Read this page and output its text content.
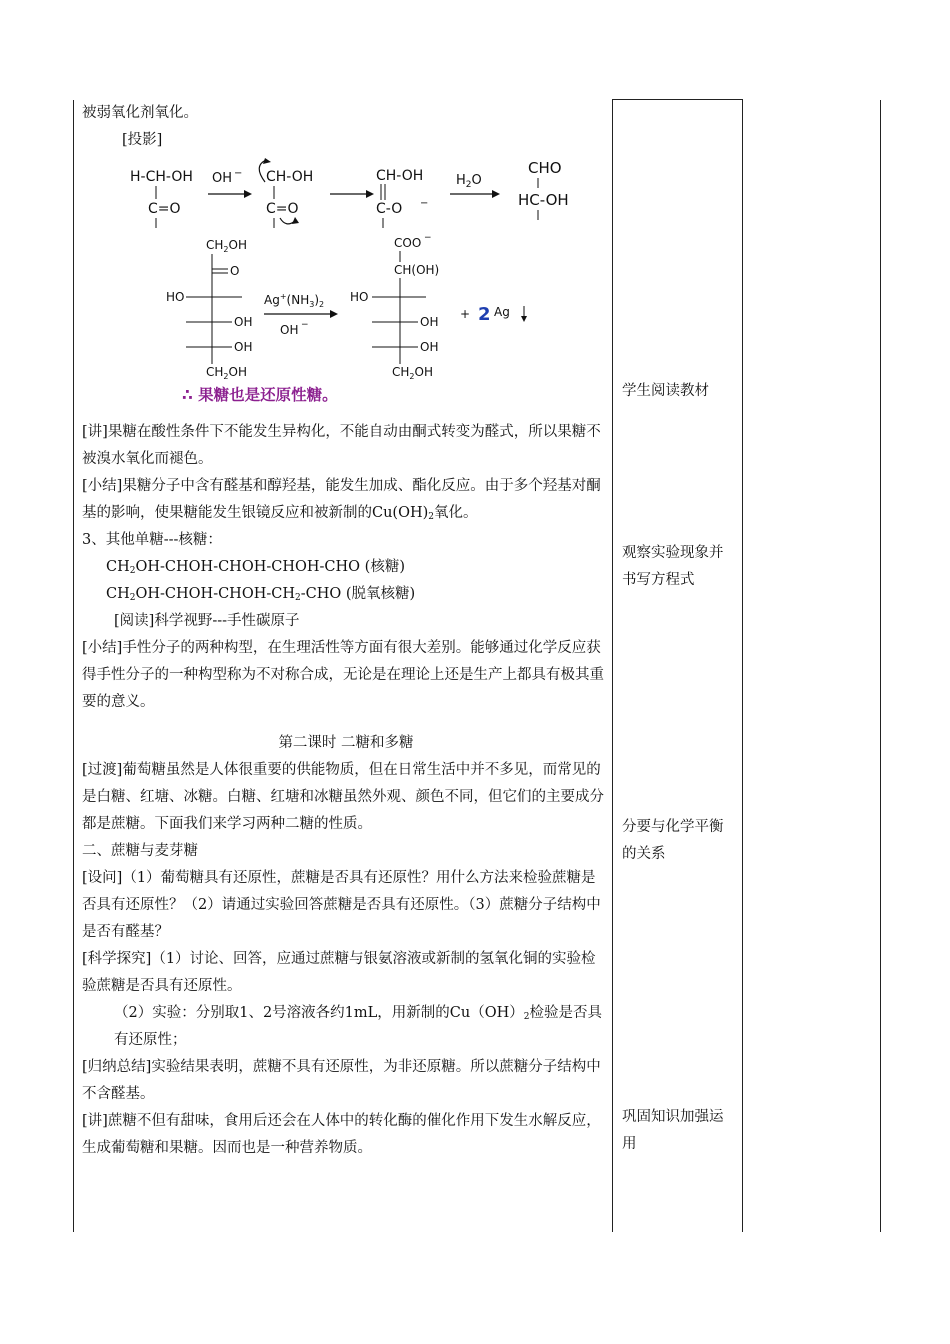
被弱氧化剂氧化。

[投影]

H-CH-OH
C=O
OH − CH-OH
C=O
CH-OH
C-O −
$H_2O$
CHO
HC-OH
$CH_2OH$
O
HO
OH
OH
$CH_2OH$
$Ag^+(NH_3)_2$
OH −
COO −
CH(OH)
HO
OH
OH
$CH_2OH$
+ 2 Ag

∴ 果糖也是还原性糖。

[讲]果糖在酸性条件下不能发生异构化，不能自动由酮式转变为醛式，所以果糖不被溴水氧化而褪色。

[小结]果糖分子中含有醛基和醇羟基，能发生加成、酯化反应。由于多个羟基对酮基的影响，使果糖能发生银镜反应和被新制的$Cu(OH)_2$氧化。

3、其他单糖---核糖：

$CH_2OH-CHOH-CHOH-CHOH$-CHO (核糖)

$CH_2OH-CHOH-CHOH-CH_2$-CHO (脱氧核糖)

[阅读]科学视野---手性碳原子

[小结]手性分子的两种构型，在生理活性等方面有很大差别。能够通过化学反应获得手性分子的一种构型称为不对称合成，无论是在理论上还是生产上都具有极其重要的意义。

第二课时 二糖和多糖

[过渡]葡萄糖虽然是人体很重要的供能物质，但在日常生活中并不多见，而常见的是白糖、红塘、冰糖。白糖、红塘和冰糖虽然外观、颜色不同，但它们的主要成分都是蔗糖。下面我们来学习两种二糖的性质。

二、蔗糖与麦芽糖

[设问]（1）葡萄糖具有还原性，蔗糖是否具有还原性？用什么方法来检验蔗糖是否具有还原性？（2）请通过实验回答蔗糖是否具有还原性。（3）蔗糖分子结构中是否有醛基？

[科学探究]（1）讨论、回答，应通过蔗糖与银氨溶液或新制的氢氧化铜的实验检验蔗糖是否具有还原性。

（2）实验：分别取1、2号溶液各约1mL，用新制的$Cu(OH)_2$检验是否具有还原性；

[归纳总结]实验结果表明，蔗糖不具有还原性，为非还原糖。所以蔗糖分子结构中不含醛基。

[讲]蔗糖不但有甜味，食用后还会在人体中的转化酶的催化作用下发生水解反应，生成葡萄糖和果糖。因而也是一种营养物质。

学生阅读教材

观察实验现象并书写方程式

分要与化学平衡的关系

巩固知识加强运用
